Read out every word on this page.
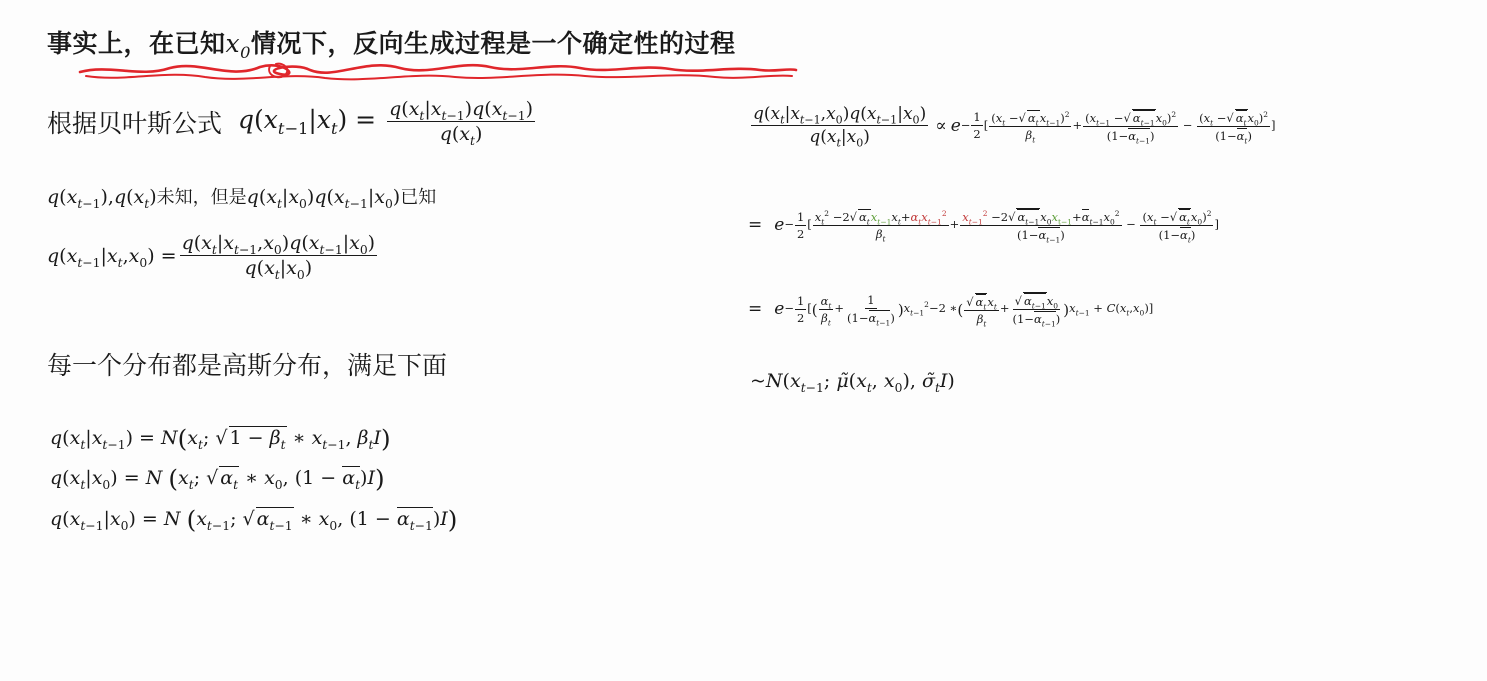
事实上，在已知$x_0$情况下，反向生成过程是一个确定性的过程
根据贝叶斯公式 $q(x_{t-1}|x_t) = \frac{q(x_t|x_{t-1})q(x_{t-1})}{q(x_t)}$
$q(x_{t-1}),q(x_t)$未知，但是$q(x_t|x_0)q(x_{t-1}|x_0)$已知
$q(x_{t-1}|x_t,x_0) = \frac{q(x_t|x_{t-1},x_0)q(x_{t-1}|x_0)}{q(x_t|x_0)}$
每一个分布都是高斯分布，满足下面
$q(x_t|x_{t-1}) = N(x_t$; √ $1 - \beta_t$ ∗ $x_{t-1}$, $\beta_tI$)
$q(x_t|x_0) = N$ ($x_t$; √ $\alpha_t$ ∗ $x_0$, $(1 - \alpha_t)I$)
$q(x_{t-1}|x_0) = N$ ($x_{t-1}$; √ $\alpha_{t-1}$ ∗ $x_0$, $(1 - \alpha_{t-1})I$)
$\frac{q(x_t|x_{t-1},x_0)q(x_{t-1}|x_0)}{q(x_t|x_0)} \propto e - \frac{1}{2}$ [ $\frac{(x_t -√ \alpha_tx_{t-1})^2}{\beta_t} + \frac{(x_{t-1} -√ \alpha_{t-1}x_0)^2}{(1-\alpha_{t-1})} - \frac{(x_t -√ \alpha_tx_0)^2}{(1-\alpha_t)}$ ]
= $e - \frac{1}{2}$ [ $\frac{x_t^2 -2√ \alpha_tx_{t-1}x_t+\alpha_tx_{t-1}^2}{\beta_t} + \frac{x_{t-1}^2 -2√ \alpha_{t-1}x_0x_{t-1}+\alpha_{t-1}x_0^2}{(1-\alpha_{t-1})} - \frac{(x_t -√ \alpha_tx_0)^2}{(1-\alpha_t)}$ ]
= $e - \frac{1}{2}$ [( $\frac{\alpha_t}{\beta_t} + \frac{1}{(1-\alpha_{t-1})} )x_{t-1}^2-2$ ∗( $\frac{√ \alpha_tx_t}{\beta_t} + \frac{√ \alpha_{t-1}x_0}{(1-\alpha_{t-1})} )x_{t-1} + C(x_t,x_0)$]
$\sim N(x_{t-1}$; $\mũ(x_t$, $x_0$), $\sigmã_tI$)
